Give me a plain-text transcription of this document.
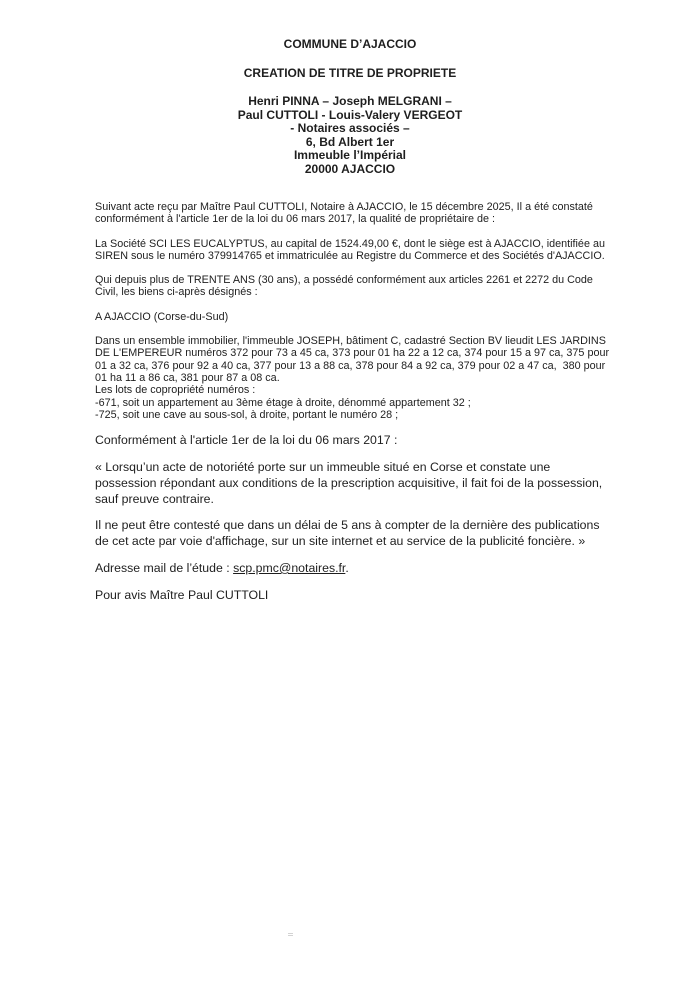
COMMUNE D’AJACCIO
CREATION DE TITRE DE PROPRIETE
Henri PINNA – Joseph MELGRANI –
Paul CUTTOLI - Louis-Valery VERGEOT
- Notaires associés –
6, Bd Albert 1er
Immeuble l’Impérial
20000 AJACCIO
Suivant acte reçu par Maître Paul CUTTOLI, Notaire à AJACCIO, le 15 décembre 2025, Il a été constaté
conformément à l'article 1er de la loi du 06 mars 2017, la qualité de propriétaire de :
La Société SCI LES EUCALYPTUS, au capital de 1524.49,00 €, dont le siège est à AJACCIO, identifiée au
SIREN sous le numéro 379914765 et immatriculée au Registre du Commerce et des Sociétés d'AJACCIO.
Qui depuis plus de TRENTE ANS (30 ans), a possédé conformément aux articles 2261 et 2272 du Code
Civil, les biens ci-après désignés :
A AJACCIO (Corse-du-Sud)
Dans un ensemble immobilier, l'immeuble JOSEPH, bâtiment C, cadastré Section BV lieudit LES JARDINS
DE L'EMPEREUR numéros 372 pour 73 a 45 ca, 373 pour 01 ha 22 a 12 ca, 374 pour 15 a 97 ca, 375 pour
01 a 32 ca, 376 pour 92 a 40 ca, 377 pour 13 a 88 ca, 378 pour 84 a 92 ca, 379 pour 02 a 47 ca,  380 pour
01 ha 11 a 86 ca, 381 pour 87 a 08 ca.
Les lots de copropriété numéros :
-671, soit un appartement au 3ème étage à droite, dénommé appartement 32 ;
-725, soit une cave au sous-sol, à droite, portant le numéro 28 ;
Conformément à l'article 1er de la loi du 06 mars 2017 :
« Lorsqu’un acte de notoriété porte sur un immeuble situé en Corse et constate une
possession répondant aux conditions de la prescription acquisitive, il fait foi de la possession,
sauf preuve contraire.
Il ne peut être contesté que dans un délai de 5 ans à compter de la dernière des publications
de cet acte par voie d'affichage, sur un site internet et au service de la publicité foncière. »
Adresse mail de l’étude : scp.pmc@notaires.fr.
Pour avis Maître Paul CUTTOLI
